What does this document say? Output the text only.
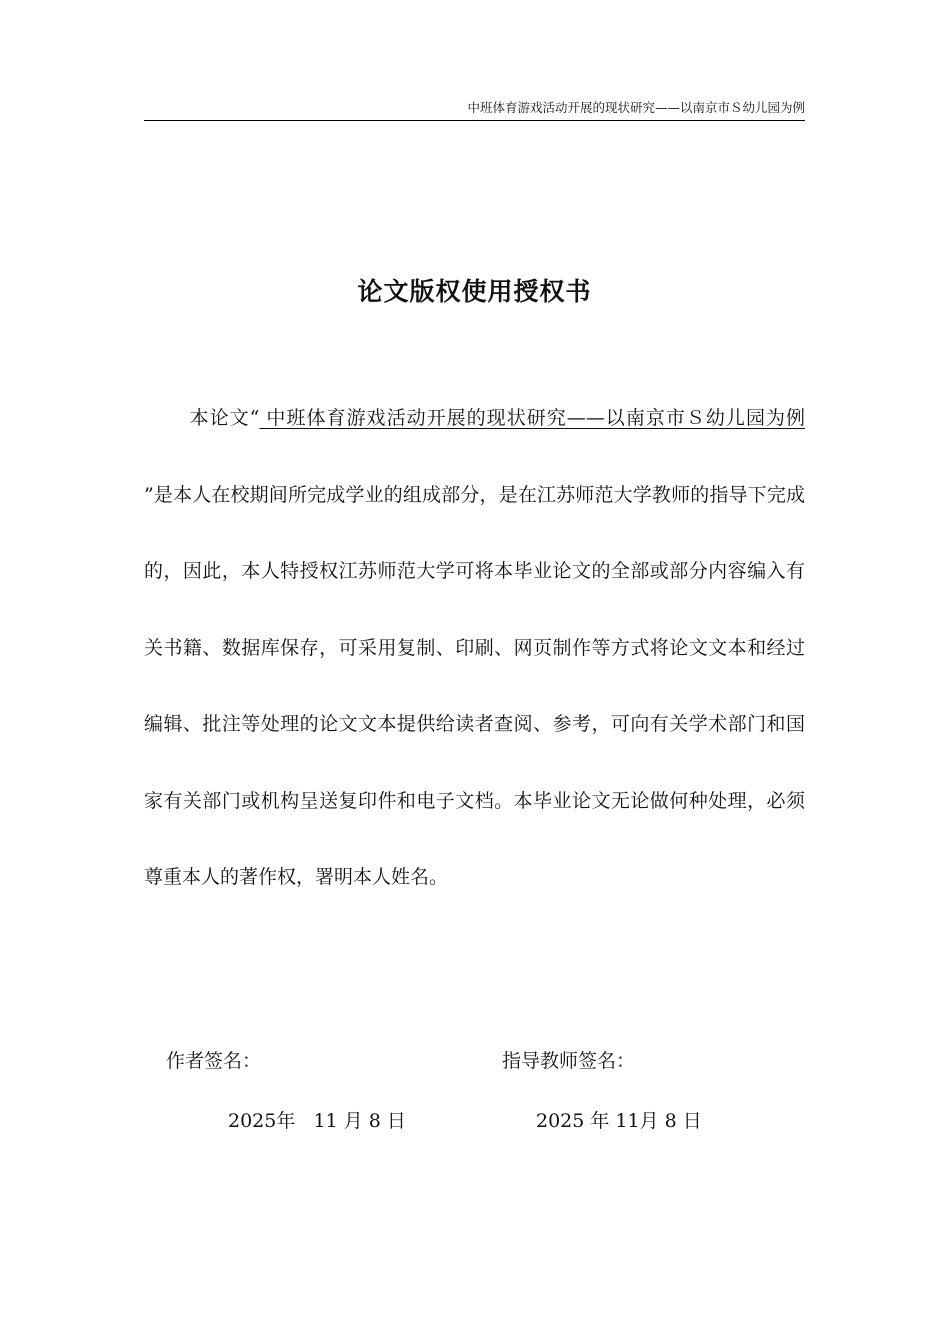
中班体育游戏活动开展的现状研究——以南京市Ｓ幼儿园为例
论文版权使用授权书

本论文“ 中班体育游戏活动开展的现状研究——以南京市Ｓ幼儿园为例 ”是本人在校期间所完成学业的组成部分，是在江苏师范大学教师的指导下完成的，因此，本人特授权江苏师范大学可将本毕业论文的全部或部分内容编入有关书籍、数据库保存，可采用复制、印刷、网页制作等方式将论文文本和经过编辑、批注等处理的论文文本提供给读者查阅、参考，可向有关学术部门和国家有关部门或机构呈送复印件和电子文档。本毕业论文无论做何种处理，必须尊重本人的著作权，署明本人姓名。

作者签名：	指导教师签名：
2025年   11 月 8 日	2025 年 11月 8 日
